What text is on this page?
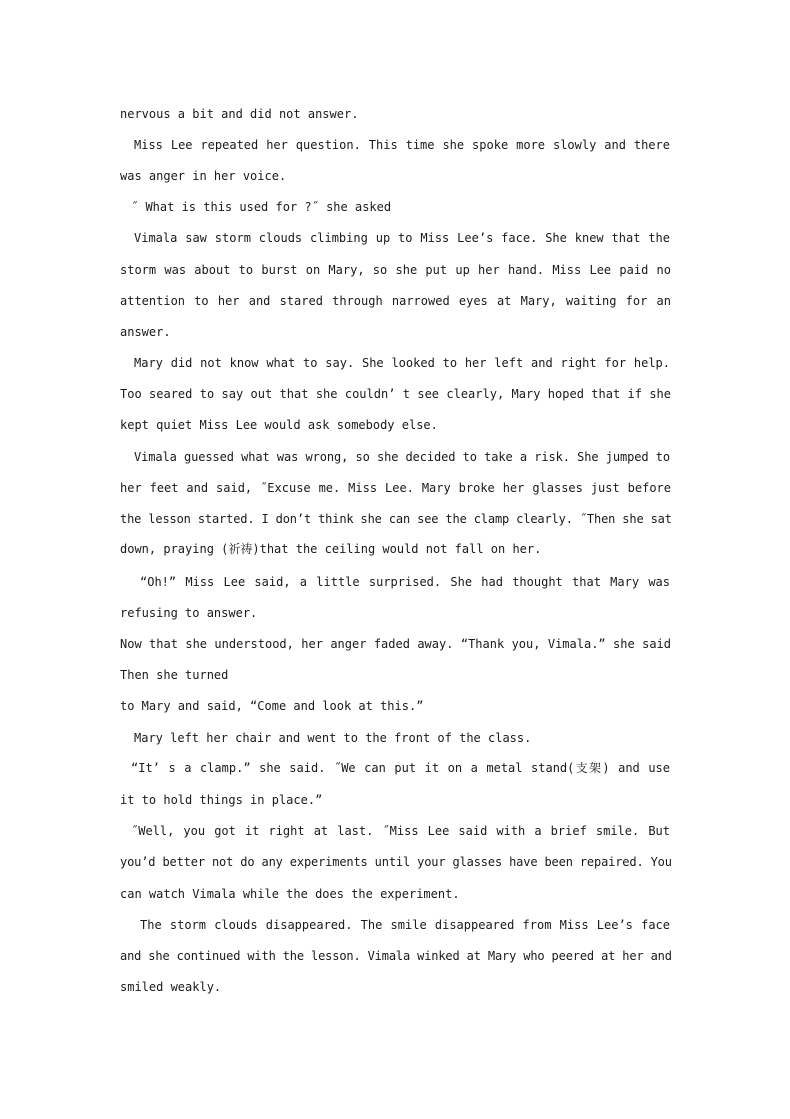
nervous a bit and did not answer.
Miss Lee repeated her question. This time she spoke more slowly and there
was anger in her voice.
˝ What is this used for ?˝ she asked
Vimala saw storm clouds climbing up to Miss Lee’s face. She knew that the
storm was about to burst on Mary, so she put up her hand. Miss Lee paid no
attention to her and stared through narrowed eyes at Mary, waiting for an
answer.
Mary did not know what to say. She looked to her left and right for help.
Too seared to say out that she couldn’ t see clearly, Mary hoped that if she
kept quiet Miss Lee would ask somebody else.
Vimala guessed what was wrong, so she decided to take a risk. She jumped to
her feet and said, ˝Excuse me. Miss Lee. Mary broke her glasses just before
the lesson started. I don’t think she can see the clamp clearly. ˝Then she sat
down, praying (祈祷)that the ceiling would not fall on her.
“Oh!” Miss Lee said, a little surprised. She had thought that Mary was
refusing to answer.
Now that she understood, her anger faded away. “Thank you, Vimala.” she said
Then she turned
to Mary and said, “Come and look at this.”
Mary left her chair and went to the front of the class.
“It’ s a clamp.” she said. ˝We can put it on a metal stand(支架) and use
it to hold things in place.”
˝Well, you got it right at last. ˝Miss Lee said with a brief smile. But
you’d better not do any experiments until your glasses have been repaired. You
can watch Vimala while the does the experiment.
The storm clouds disappeared. The smile disappeared from Miss Lee’s face
and she continued with the lesson. Vimala winked at Mary who peered at her and
smiled weakly.
